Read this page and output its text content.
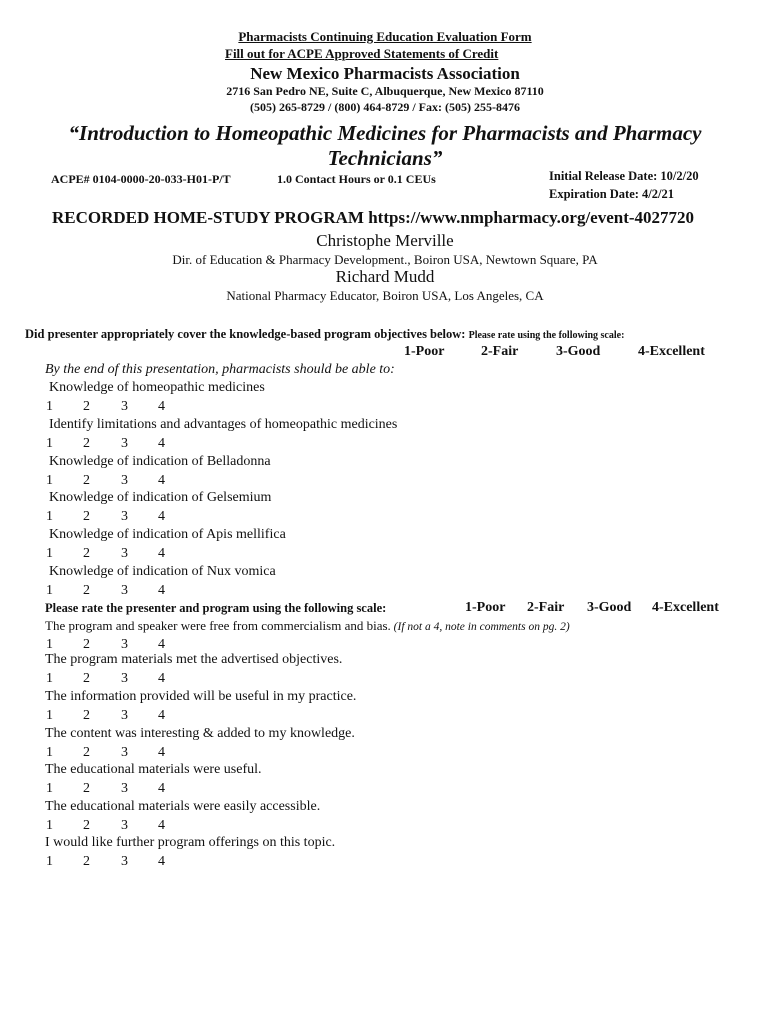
Pharmacists Continuing Education Evaluation Form
Fill out for ACPE Approved Statements of Credit
New Mexico Pharmacists Association
2716 San Pedro NE, Suite C, Albuquerque, New Mexico 87110
(505) 265-8729 / (800) 464-8729 / Fax: (505) 255-8476
“Introduction to Homeopathic Medicines for Pharmacists and Pharmacy
Technicians”
ACPE# 0104-0000-20-033-H01-P/T	1.0 Contact Hours or 0.1 CEUs	Initial Release Date: 10/2/20
Expiration Date: 4/2/21
RECORDED HOME-STUDY PROGRAM https://www.nmpharmacy.org/event-4027720
Christophe Merville
Dir. of Education & Pharmacy Development., Boiron USA, Newtown Square, PA
Richard Mudd
National Pharmacy Educator, Boiron USA, Los Angeles, CA
Did presenter appropriately cover the knowledge-based program objectives below: Please rate using the following scale:
1-Poor	2-Fair	3-Good	4-Excellent
By the end of this presentation, pharmacists should be able to:
Knowledge of homeopathic medicines
1 2 3 4
Identify limitations and advantages of homeopathic medicines
1 2 3 4
Knowledge of indication of Belladonna
1 2 3 4
Knowledge of indication of Gelsemium
1 2 3 4
Knowledge of indication of Apis mellifica
1 2 3 4
Knowledge of indication of Nux vomica
1 2 3 4
Please rate the presenter and program using the following scale:	1-Poor 2-Fair 3-Good 4-Excellent
The program and speaker were free from commercialism and bias. (If not a 4, note in comments on pg. 2)
1 2 3 4
The program materials met the advertised objectives.
1 2 3 4
The information provided will be useful in my practice.
1 2 3 4
The content was interesting & added to my knowledge.
1 2 3 4
The educational materials were useful.
1 2 3 4
The educational materials were easily accessible.
1 2 3 4
I would like further program offerings on this topic.
1 2 3 4
